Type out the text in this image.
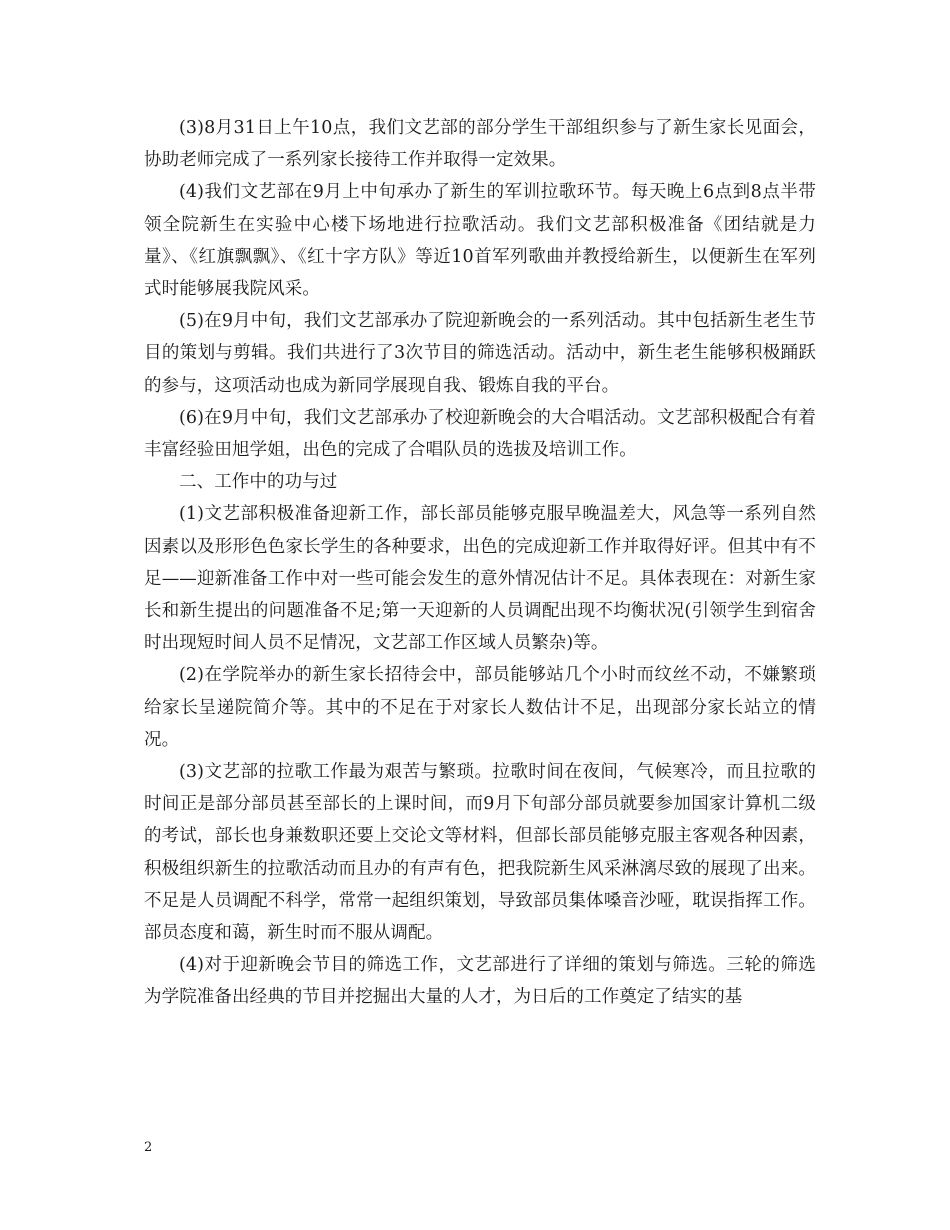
(3)8月31日上午10点，我们文艺部的部分学生干部组织参与了新生家长见面会，协助老师完成了一系列家长接待工作并取得一定效果。

(4)我们文艺部在9月上中旬承办了新生的军训拉歌环节。每天晚上6点到8点半带领全院新生在实验中心楼下场地进行拉歌活动。我们文艺部积极准备《团结就是力量》、《红旗飘飘》、《红十字方队》等近10首军列歌曲并教授给新生，以便新生在军列式时能够展我院风采。

(5)在9月中旬，我们文艺部承办了院迎新晚会的一系列活动。其中包括新生老生节目的策划与剪辑。我们共进行了3次节目的筛选活动。活动中，新生老生能够积极踊跃的参与，这项活动也成为新同学展现自我、锻炼自我的平台。

(6)在9月中旬，我们文艺部承办了校迎新晚会的大合唱活动。文艺部积极配合有着丰富经验田旭学姐，出色的完成了合唱队员的选拔及培训工作。

二、工作中的功与过

(1)文艺部积极准备迎新工作，部长部员能够克服早晚温差大，风急等一系列自然因素以及形形色色家长学生的各种要求，出色的完成迎新工作并取得好评。但其中有不足——迎新准备工作中对一些可能会发生的意外情况估计不足。具体表现在：对新生家长和新生提出的问题准备不足;第一天迎新的人员调配出现不均衡状况(引领学生到宿舍时出现短时间人员不足情况，文艺部工作区域人员繁杂)等。

(2)在学院举办的新生家长招待会中，部员能够站几个小时而纹丝不动，不嫌繁琐给家长呈递院简介等。其中的不足在于对家长人数估计不足，出现部分家长站立的情况。

(3)文艺部的拉歌工作最为艰苦与繁琐。拉歌时间在夜间，气候寒冷，而且拉歌的时间正是部分部员甚至部长的上课时间，而9月下旬部分部员就要参加国家计算机二级的考试，部长也身兼数职还要上交论文等材料，但部长部员能够克服主客观各种因素，积极组织新生的拉歌活动而且办的有声有色，把我院新生风采淋漓尽致的展现了出来。不足是人员调配不科学，常常一起组织策划，导致部员集体嗓音沙哑，耽误指挥工作。部员态度和蔼，新生时而不服从调配。

(4)对于迎新晚会节目的筛选工作，文艺部进行了详细的策划与筛选。三轮的筛选为学院准备出经典的节目并挖掘出大量的人才，为日后的工作奠定了结实的基

2
